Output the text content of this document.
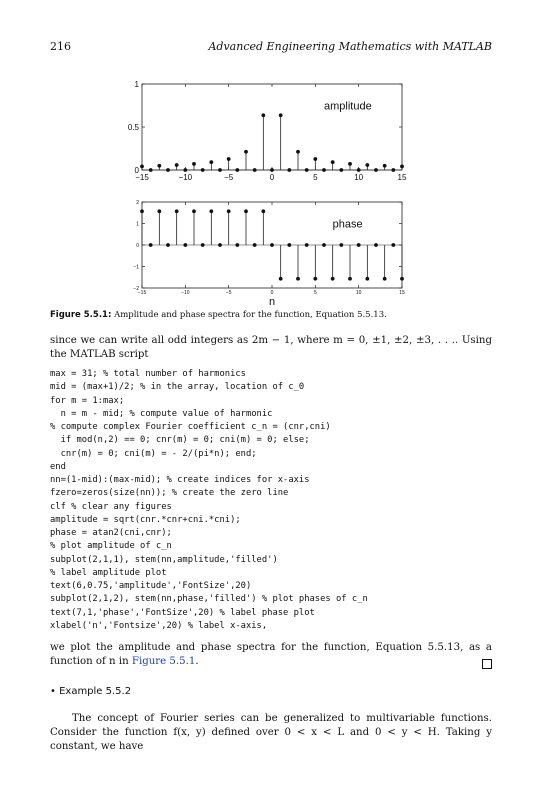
216	Advanced Engineering Mathematics with MATLAB
−15	−10	−5	0	5	10	15
0
0.5
1
amplitude
−15	−10	−5	0	5	10	15
−2
−1
0
1
2
phase
n
Figure 5.5.1: Amplitude and phase spectra for the function, Equation 5.5.13.
since we can write all odd integers as 2m − 1, where m = 0, ±1, ±2, ±3, . . .. Using the MATLAB script
max = 31; % total number of harmonics
mid = (max+1)/2; % in the array, location of c_0
for m = 1:max;
n = m - mid; % compute value of harmonic
% compute complex Fourier coefficient c_n = (cnr,cni)
if mod(n,2) == 0; cnr(m) = 0; cni(m) = 0; else;
cnr(m) = 0; cni(m) = - 2/(pi*n); end;
end
nn=(1-mid):(max-mid); % create indices for x-axis
fzero=zeros(size(nn)); % create the zero line
clf % clear any figures
amplitude = sqrt(cnr.*cnr+cni.*cni);
phase = atan2(cni,cnr);
% plot amplitude of c_n
subplot(2,1,1), stem(nn,amplitude,'filled')
% label amplitude plot
text(6,0.75,'amplitude','FontSize',20)
subplot(2,1,2), stem(nn,phase,'filled') % plot phases of c_n
text(7,1,'phase','FontSize',20) % label phase plot
xlabel('n','Fontsize',20) % label x-axis,
we plot the amplitude and phase spectra for the function, Equation 5.5.13, as a function of n in Figure 5.5.1.
• Example 5.5.2
The concept of Fourier series can be generalized to multivariable functions. Consider the function f(x, y) defined over 0 < x < L and 0 < y < H. Taking y constant, we have
